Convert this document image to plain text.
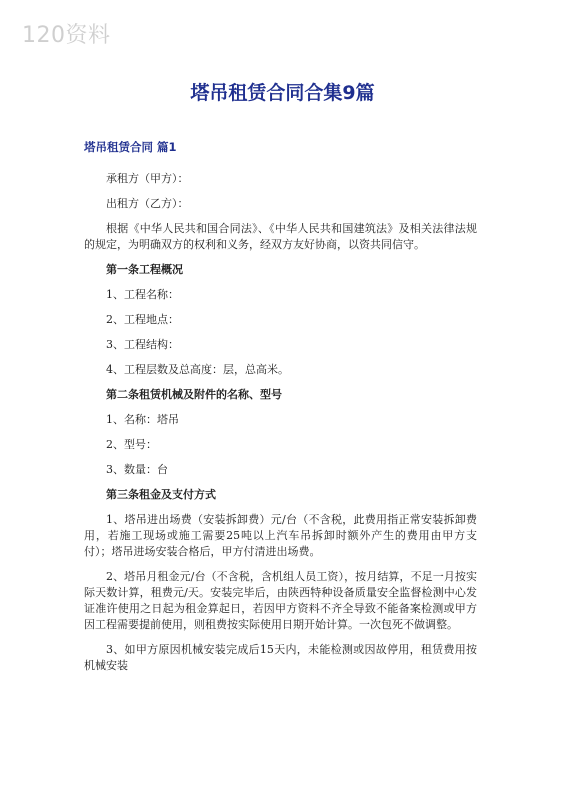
120资料
塔吊租赁合同合集9篇
塔吊租赁合同 篇1
承租方（甲方）：
出租方（乙方）：
根据《中华人民共和国合同法》、《中华人民共和国建筑法》及相关法律法规的规定，为明确双方的权利和义务，经双方友好协商，以资共同信守。
第一条工程概况
1、工程名称：
2、工程地点：
3、工程结构：
4、工程层数及总高度：层，总高米。
第二条租赁机械及附件的名称、型号
1、名称：塔吊
2、型号：
3、数量：台
第三条租金及支付方式
1、塔吊进出场费（安装拆卸费）元/台（不含税，此费用指正常安装拆卸费用，若施工现场或施工需要25吨以上汽车吊拆卸时额外产生的费用由甲方支付）；塔吊进场安装合格后，甲方付清进出场费。
2、塔吊月租金元/台（不含税，含机组人员工资），按月结算，不足一月按实际天数计算，租费元/天。安装完毕后，由陕西特种设备质量安全监督检测中心发证准许使用之日起为租金算起日，若因甲方资料不齐全导致不能备案检测或甲方因工程需要提前使用，则租费按实际使用日期开始计算。一次包死不做调整。
3、如甲方原因机械安装完成后15天内，未能检测或因故停用，租赁费用按机械安装
